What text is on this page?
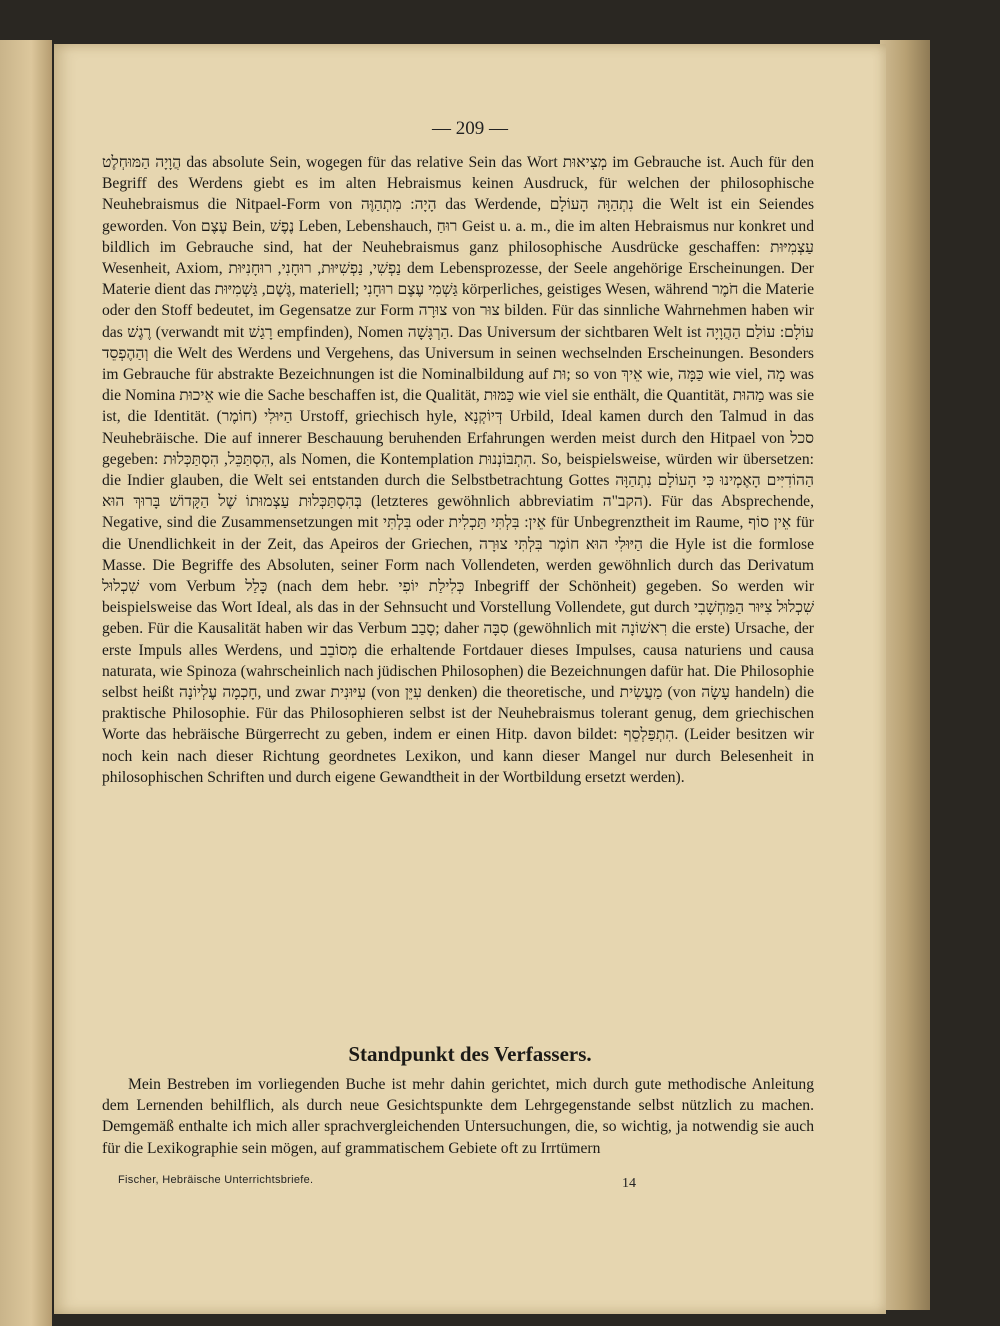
— 209 —

הֲוָיָה הַמּוּחְלֶט das absolute Sein, wogegen für das relative Sein das Wort מְצִיאוּת im Gebrauche ist. Auch für den Begriff des Werdens giebt es im alten Hebraismus keinen Ausdruck, für welchen der philosophische Neuhebraismus die Nitpael-Form von הָיָה: מִתְהַוֶּה das Werdende, נִתְהַוָּה הָעוֹלָם die Welt ist ein Seiendes geworden. Von עֶצֶם Bein, נֶפֶשׁ Leben, Lebenshauch, רוּחַ Geist u. a. m., die im alten Hebraismus nur konkret und bildlich im Gebrauche sind, hat der Neuhebraismus ganz philosophische Ausdrücke geschaffen: עַצְמִיּוּת Wesenheit, Axiom, נַפְשִׁי, נַפְשִׁיּוּת, רוּחָנִי, רוּחָנִיּוּת dem Lebensprozesse, der Seele angehörige Erscheinungen. Der Materie dient das גֶּשֶׁם, גַּשְׁמִיּוּת, materiell; גַּשְׁמִי עֶצֶם רוּחָנִי körperliches, geistiges Wesen, während חֹמֶר die Materie oder den Stoff bedeutet, im Gegensatze zur Form צוּרָה von צוּר bilden. Für das sinnliche Wahrnehmen haben wir das רֶגֶשׁ (verwandt mit רָגַשׁ empfinden), Nomen הַרְגָּשָׁה. Das Universum der sichtbaren Welt ist עוֹלָם: עוֹלַם הַהֲוָיָה וְהַהֶפְסֵד die Welt des Werdens und Vergehens, das Universum in seinen wechselnden Erscheinungen. Besonders im Gebrauche für abstrakte Bezeichnungen ist die Nominalbildung auf וּת; so von אֵיךְ wie, כַּמָּה wie viel, מָה was die Nomina אֵיכוּת wie die Sache beschaffen ist, die Qualität, כַּמּוּת wie viel sie enthält, die Quantität, מַהוּת was sie ist, die Identität. הַיּוּלִי (חוֹמֶר) Urstoff, griechisch hyle, דְּיוֹקְנָא Urbild, Ideal kamen durch den Talmud in das Neuhebräische. Die auf innerer Beschauung beruhenden Erfahrungen werden meist durch den Hitpael von סכל gegeben: הִסְתַּכֵּל, הִסְתַּכְּלוּת, als Nomen, die Kontemplation הִתְבּוֹנְנוּת. So, beispielsweise, würden wir übersetzen: die Indier glauben, die Welt sei entstanden durch die Selbstbetrachtung Gottes הַהוֹדִיִּים הָאֶמְינוּ כִּי הָעוֹלָם נִתְהַוָּה בְּהִסְתַּכְּלוּת עַצְמוּתוֹ שֶׁל הַקָּדוֹשׁ בָּרוּךְ הוּא (letzteres gewöhnlich abbreviatim הקב"ה). Für das Absprechende, Negative, sind die Zusammensetzungen mit בִּלְתִּי oder אֵין: בִּלְתִּי תַּכְלִית für Unbegrenztheit im Raume, אֵין סוֹף für die Unendlichkeit in der Zeit, das Apeiros der Griechen, הַיּוּלִי הוּא חוֹמֶר בִּלְתִּי צוּרָה die Hyle ist die formlose Masse. Die Begriffe des Absoluten, seiner Form nach Vollendeten, werden gewöhnlich durch das Derivatum שִׁכְלוּל vom Verbum כָּלַל (nach dem hebr. כְּלִילַת יוֹפִי Inbegriff der Schönheit) gegeben. So werden wir beispielsweise das Wort Ideal, als das in der Sehnsucht und Vorstellung Vollendete, gut durch שִׁכְלוּל צִיּוּר הַמַּחְשָׁבִי geben. Für die Kausalität haben wir das Verbum סָבַב; daher סִבָּה (gewöhnlich mit רִאשׁוֹנָה die erste) Ursache, der erste Impuls alles Werdens, und מְסוֹבֵב die erhaltende Fortdauer dieses Impulses, causa naturiens und causa naturata, wie Spinoza (wahrscheinlich nach jüdischen Philosophen) die Bezeichnungen dafür hat. Die Philosophie selbst heißt חָכְמָה עֶלְיוֹנָה, und zwar עִיּוּנִית (von עִיֵּן denken) die theoretische, und מַעֲשִׂית (von עָשָׂה handeln) die praktische Philosophie. Für das Philosophieren selbst ist der Neuhebraismus tolerant genug, dem griechischen Worte das hebräische Bürgerrecht zu geben, indem er einen Hitp. davon bildet: הִתְפַּלְסֵף. (Leider besitzen wir noch kein nach dieser Richtung geordnetes Lexikon, und kann dieser Mangel nur durch Belesenheit in philosophischen Schriften und durch eigene Gewandtheit in der Wortbildung ersetzt werden).

Standpunkt des Verfassers.
Mein Bestreben im vorliegenden Buche ist mehr dahin gerichtet, mich durch gute methodische Anleitung dem Lernenden behilflich, als durch neue Gesichtspunkte dem Lehrgegenstande selbst nützlich zu machen. Demgemäß enthalte ich mich aller sprachvergleichenden Untersuchungen, die, so wichtig, ja notwendig sie auch für die Lexikographie sein mögen, auf grammatischem Gebiete oft zu Irrtümern
Fischer, Hebräische Unterrichtsbriefe.	14
